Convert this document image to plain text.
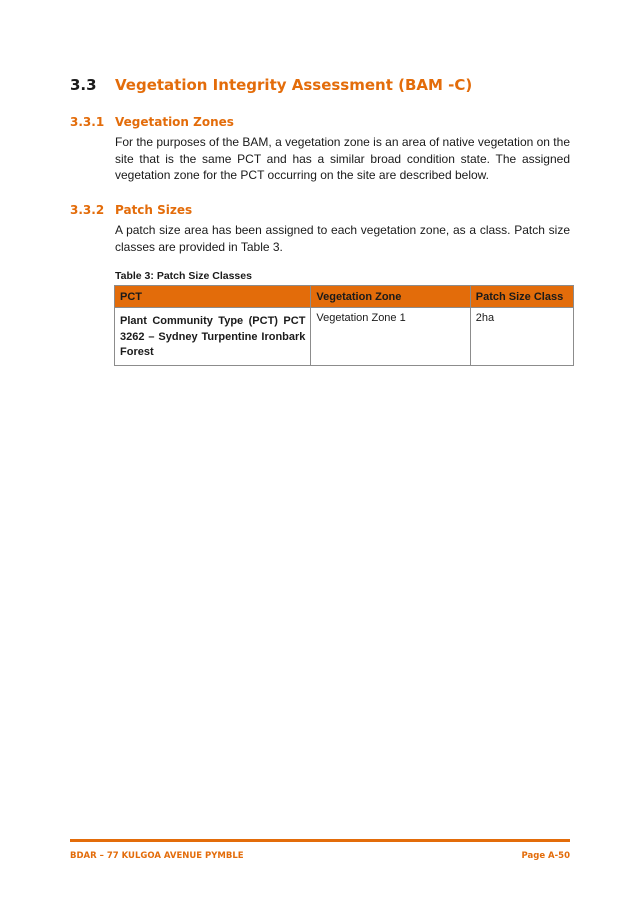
3.3 Vegetation Integrity Assessment (BAM -C)
3.3.1 Vegetation Zones
For the purposes of the BAM, a vegetation zone is an area of native vegetation on the site that is the same PCT and has a similar broad condition state. The assigned vegetation zone for the PCT occurring on the site are described below.
3.3.2 Patch Sizes
A patch size area has been assigned to each vegetation zone, as a class. Patch size classes are provided in Table 3.
Table 3: Patch Size Classes
PCT	Vegetation Zone	Patch Size Class
Plant Community Type (PCT) PCT 3262 – Sydney Turpentine Ironbark Forest	Vegetation Zone 1	2ha
BDAR – 77 KULGOA AVENUE PYMBLE	Page A-50
